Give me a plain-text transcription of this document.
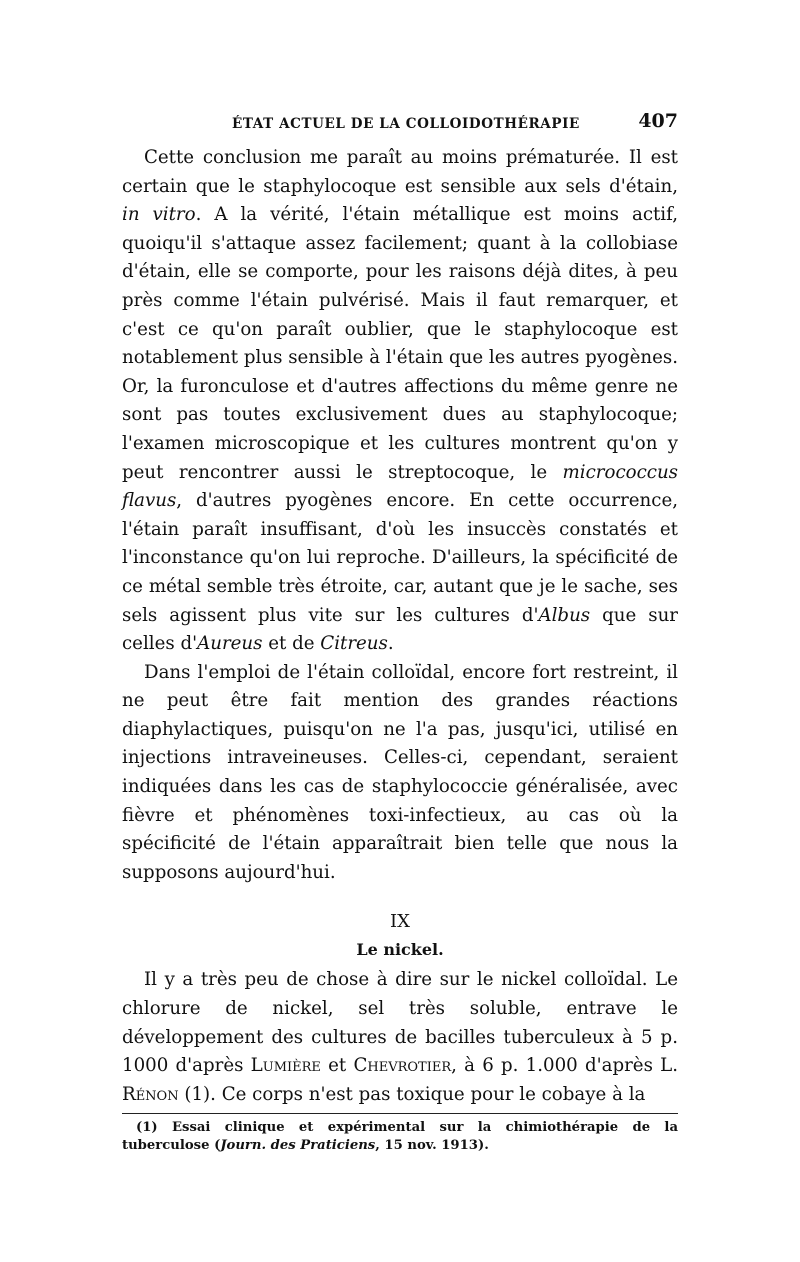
ÉTAT ACTUEL DE LA COLLOIDOTHÉRAPIE	407

Cette conclusion me paraît au moins prématurée. Il est certain que le staphylocoque est sensible aux sels d'étain, in vitro. A la vérité, l'étain métallique est moins actif, quoiqu'il s'attaque assez facilement; quant à la collobiase d'étain, elle se comporte, pour les raisons déjà dites, à peu près comme l'étain pulvérisé. Mais il faut remarquer, et c'est ce qu'on paraît oublier, que le staphylocoque est notablement plus sensible à l'étain que les autres pyogènes. Or, la furonculose et d'autres affections du même genre ne sont pas toutes exclusivement dues au staphylocoque; l'examen microscopique et les cultures montrent qu'on y peut rencontrer aussi le streptocoque, le micrococcus flavus, d'autres pyogènes encore. En cette occurrence, l'étain paraît insuffisant, d'où les insuccès constatés et l'inconstance qu'on lui reproche. D'ailleurs, la spécificité de ce métal semble très étroite, car, autant que je le sache, ses sels agissent plus vite sur les cultures d'Albus que sur celles d'Aureus et de Citreus.

Dans l'emploi de l'étain colloïdal, encore fort restreint, il ne peut être fait mention des grandes réactions diaphylactiques, puisqu'on ne l'a pas, jusqu'ici, utilisé en injections intraveineuses. Celles-ci, cependant, seraient indiquées dans les cas de staphylococcie généralisée, avec fièvre et phénomènes toxi-infectieux, au cas où la spécificité de l'étain apparaîtrait bien telle que nous la supposons aujourd'hui.

IX
Le nickel.

Il y a très peu de chose à dire sur le nickel colloïdal. Le chlorure de nickel, sel très soluble, entrave le développement des cultures de bacilles tuberculeux à 5 p. 1000 d'après Lumière et Chevrotier, à 6 p. 1.000 d'après L. Rénon (1). Ce corps n'est pas toxique pour le cobaye à la

(1) Essai clinique et expérimental sur la chimiothérapie de la tuberculose (Journ. des Praticiens, 15 nov. 1913).
